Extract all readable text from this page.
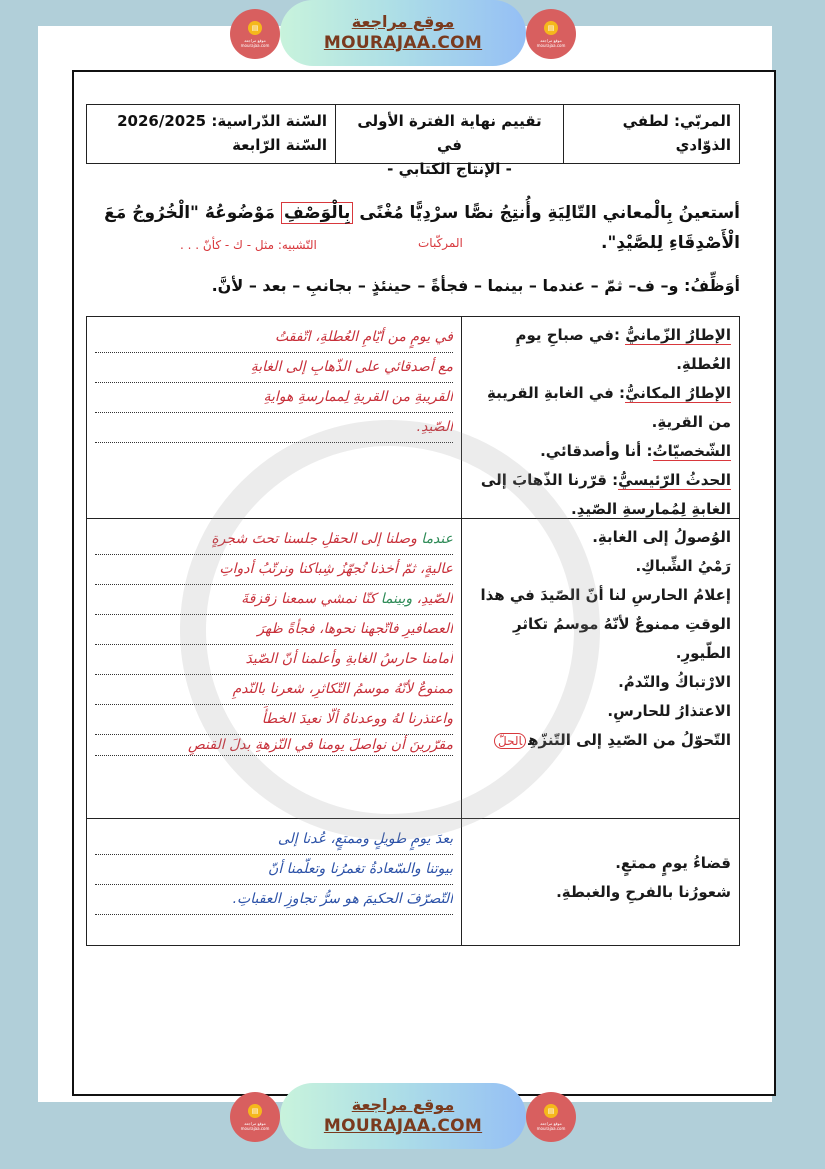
▤
موقع مراجعة mourajaa.com
موقع مراجعة
MOURAJAA.COM
▤
موقع مراجعة mourajaa.com
المربّي: لطفي الذوّادي
تقييم نهاية الفترة الأولى في
- الإنتاج الكتابي -
السّنة الدّراسية: 2026/2025
السّنة الرّابعة
أستعينُ بِالْمعاني التّالِيَةِ وأُنتِجُ نصًّا سرْدِيًّا مُغْنًى بِالْوَصْفِ مَوْضُوعُهُ "الْخُرُوجُ مَعَ الْأَصْدِقَاءِ لِلصَّيْدِ".
التّشبيه: مثل - ك - كأنّ . . .	المركّبات
أوَظِّفُ: و– ف– ثمّ – عندما – بينما – فجأةً – حينئذٍ – بجانبِ – بعد – لأنَّ.
الإطارُ الزّمانيُّ :في صباحِ يومِ العُطلةِ.
الإطارُ المكانيُّ: في الغابةِ القريبةِ من القريةِ.
الشّخصيّاتُ: أنا وأصدقائي.
الحدثُ الرّئيسيُّ: قرّرنا الذّهابَ إلى الغابةِ لِمُمارسةِ الصّيدِ.
في يومٍ من أيّامِ العُطلةِ، اتّفقتُ
مع أصدقائي على الذّهابِ إلى الغابةِ
القريبةِ من القريةِ لِممارسةِ هوايةِ
الصّيدِ.
الوُصولُ إلى الغابةِ.
رَمْيُ الشِّباكِ.
إعلامُ الحارسِ لنا أنّ الصّيدَ في هذا الوقتِ ممنوعٌ لأنّهُ موسمُ تكاثرِ الطّيورِ.
الارْتباكُ والنّدمُ.
الاعتذارُ للحارسِ.
التّحوّلُ من الصّيدِ إلى التّنزّهِالحلّ
عندما وصلنا إلى الحقلِ جلسنا تحتَ شجرةٍ
عاليةٍ، ثمّ أخذنا نُجهّزُ شِباكنا ونرتّبُ أدواتِ
الصّيدِ، وبينما كنّا نمشي سمعنا زقزقةَ
العصافيرِ فاتّجهنا نحوها، فجأةً ظهرَ
أمامنا حارسُ الغابةِ وأعلمنا أنّ الصّيدَ
ممنوعٌ لأنّهُ موسمُ التّكاثرِ، شعرنا بالنّدمِ
واعتذرنا لهُ ووعدناهُ ألّا نعيدَ الخطأَ
مقرّرينَ أن نواصلَ يومنا في النّزهةِ بدلَ القنصِ
قضاءُ يومٍ ممتعٍ.
شعورُنا بالفرحِ والغبطةِ.
بعدَ يومٍ طويلٍ وممتعٍ، عُدنا إلى
بيوتنا والسّعادةُ تغمرُنا وتعلّمنا أنّ
التّصرّفَ الحكيمَ هو سرُّ تجاوزِ العقباتِ.
▤
موقع مراجعة mourajaa.com
موقع مراجعة
MOURAJAA.COM
▤
موقع مراجعة mourajaa.com
